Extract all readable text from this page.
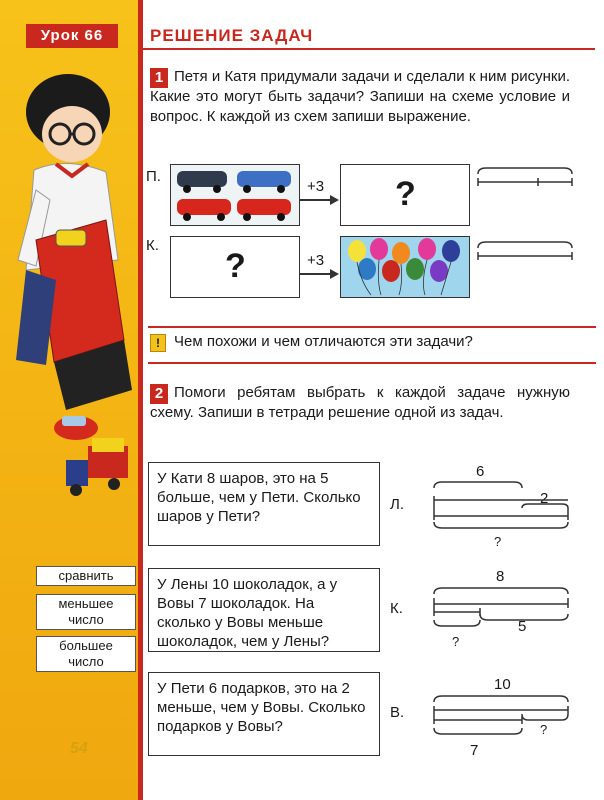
Урок 66	РЕШЕНИЕ ЗАДАЧ
1 Петя и Катя придумали задачи и сделали к ним рисунки. Какие это могут быть задачи? Запиши на схеме условие и вопрос. К каждой из схем запиши выражение.
П.
+3 ?
К.
?	+3
! Чем похожи и чем отличаются эти задачи?
2 Помоги ребятам выбрать к каждой задаче нужную схему. Запиши в тетради решение одной из задач.
У Кати 8 шаров, это на 5 больше, чем у Пети. Сколько шаров у Пети?
У Лены 10 шоколадок, а у Вовы 7 шоколадок. На сколько у Вовы меньше шоколадок, чем у Лены?
У Пети 6 подарков, это на 2 меньше, чем у Вовы. Сколько подарков у Вовы?
Л.
6
2
?
К.
8
5
?
В.
10
?
7
сравнить
меньшее число
большее число
54
